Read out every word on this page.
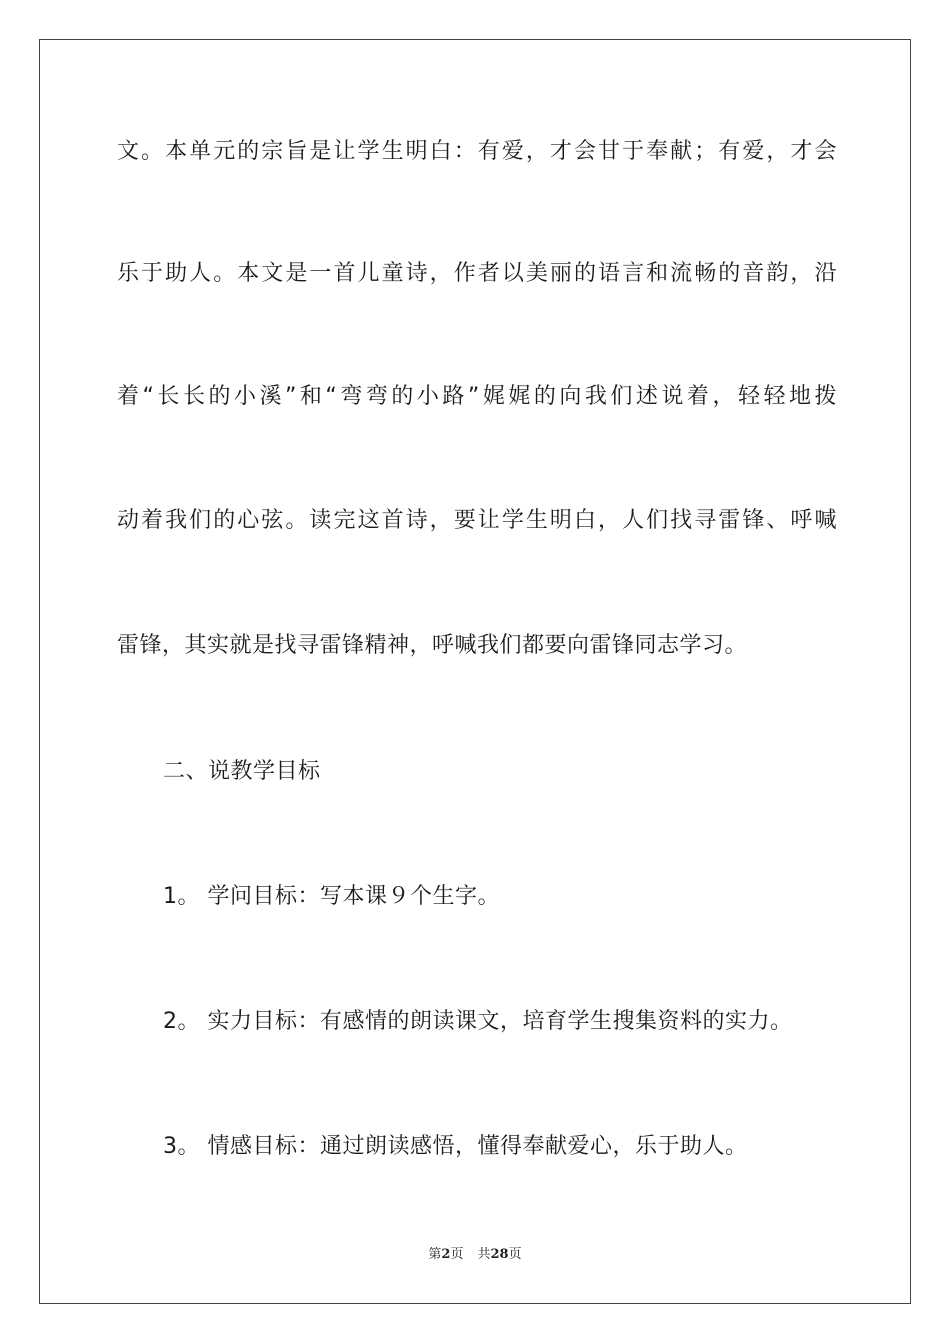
文。本单元的宗旨是让学生明白：有爱，才会甘于奉献；有爱，才会
乐于助人。本文是一首儿童诗，作者以美丽的语言和流畅的音韵，沿
着“长长的小溪”和“弯弯的小路”娓娓的向我们述说着，轻轻地拨
动着我们的心弦。读完这首诗，要让学生明白，人们找寻雷锋、呼喊
雷锋，其实就是找寻雷锋精神，呼喊我们都要向雷锋同志学习。
二、说教学目标
1。 学问目标：写本课９个生字。
2。 实力目标：有感情的朗读课文，培育学生搜集资料的实力。
3。 情感目标：通过朗读感悟，懂得奉献爱心，乐于助人。
第2页 共28页
